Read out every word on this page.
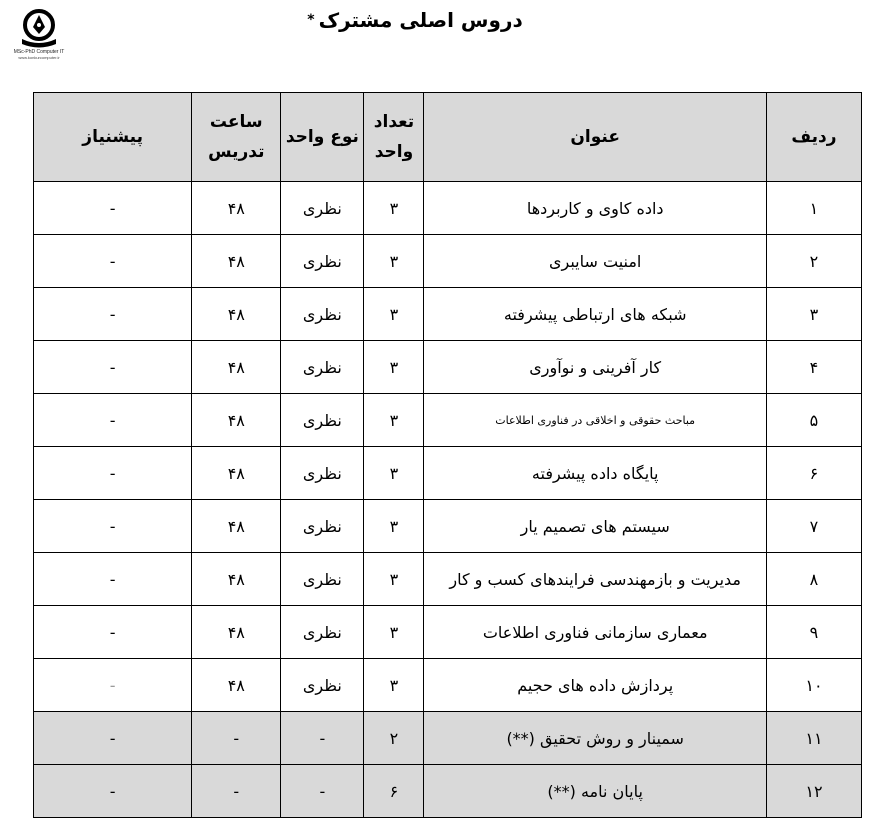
MSc-PhD Computer IT
www.konkurcomputer.ir
دروس اصلی مشترک*
ردیف	عنوان	تعداد واحد	نوع واحد	ساعت تدریس	پیشنیاز
۱	داده کاوی و کاربردها	۳	نظری	۴۸	-
۲	امنیت سایبری	۳	نظری	۴۸	-
۳	شبکه های ارتباطی پیشرفته	۳	نظری	۴۸	-
۴	کار آفرینی و نوآوری	۳	نظری	۴۸	-
۵	مباحث حقوقی و اخلاقی در فناوری اطلاعات	۳	نظری	۴۸	-
۶	پایگاه داده پیشرفته	۳	نظری	۴۸	-
۷	سیستم های تصمیم یار	۳	نظری	۴۸	-
۸	مدیریت و بازمهندسی فرایندهای کسب و کار	۳	نظری	۴۸	-
۹	معماری سازمانی فناوری اطلاعات	۳	نظری	۴۸	-
۱۰	پردازش داده های حجیم	۳	نظری	۴۸	-
۱۱	سمینار و روش تحقیق (**)	۲	-	-	-
۱۲	پایان نامه (**)	۶	-	-	-
